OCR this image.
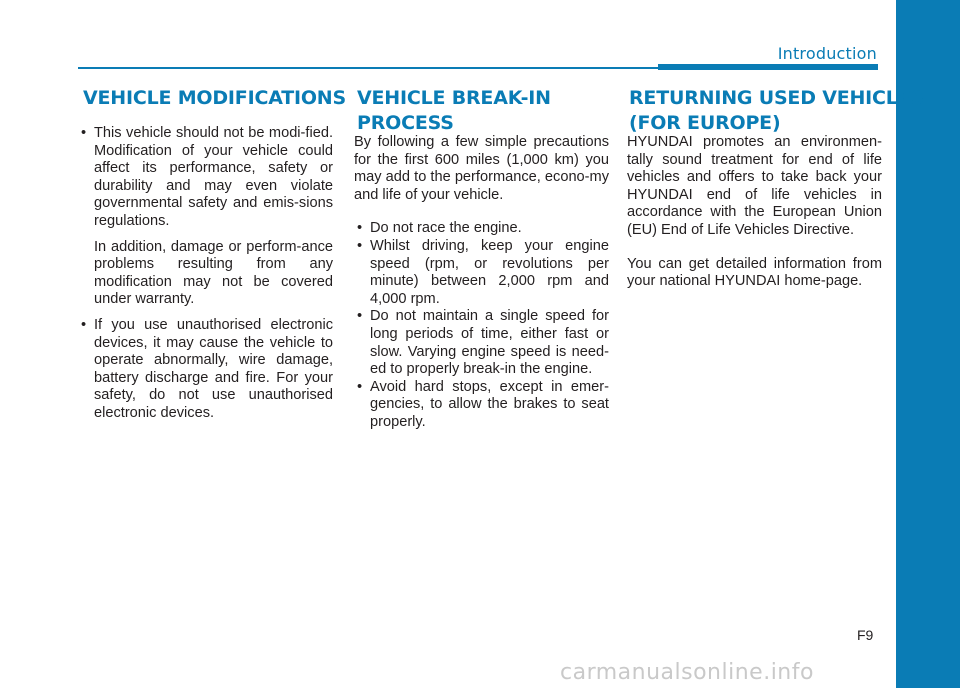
Introduction
VEHICLE MODIFICATIONS
• This vehicle should not be modi-fied. Modification of your vehicle could affect its performance, safety or durability and may even violate governmental safety and emis-sions regulations.

In addition, damage or perform-ance problems resulting from any modification may not be covered under warranty.

• If you use unauthorised electronic devices, it may cause the vehicle to operate abnormally, wire damage, battery discharge and fire. For your safety, do not use unauthorised electronic devices.
VEHICLE BREAK-IN
PROCESS

By following a few simple precautions for the first 600 miles (1,000 km) you may add to the performance, econo-my and life of your vehicle.

• Do not race the engine.
• Whilst driving, keep your engine speed (rpm, or revolutions per minute) between 2,000 rpm and 4,000 rpm.
• Do not maintain a single speed for long periods of time, either fast or slow. Varying engine speed is need-ed to properly break-in the engine.
• Avoid hard stops, except in emer-gencies, to allow the brakes to seat properly.
RETURNING USED VEHICLES
(FOR EUROPE)

HYUNDAI promotes an environmen-tally sound treatment for end of life vehicles and offers to take back your HYUNDAI end of life vehicles in accordance with the European Union (EU) End of Life Vehicles Directive.

You can get detailed information from your national HYUNDAI home-page.

F9
carmanualsonline.info
